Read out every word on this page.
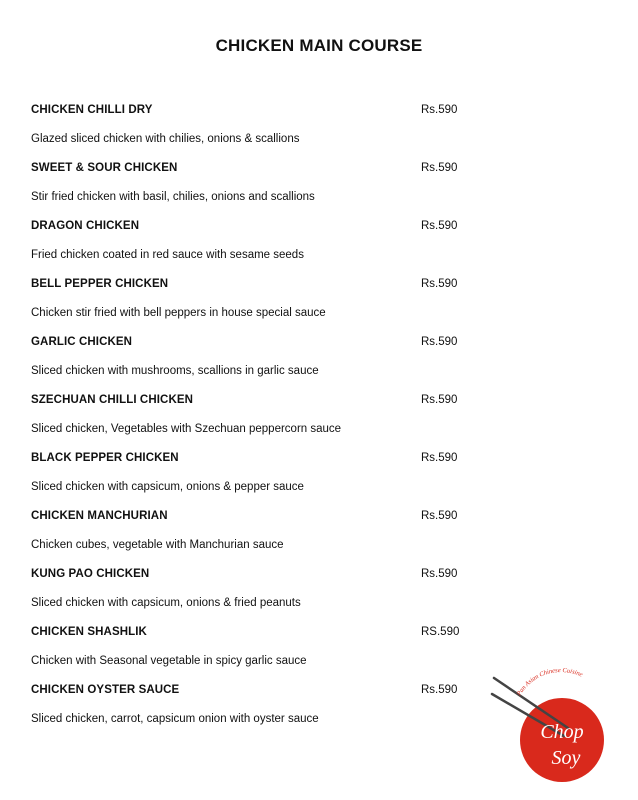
CHICKEN MAIN COURSE
CHICKEN CHILLI DRY	Rs.590
Glazed sliced chicken with chilies, onions & scallions
SWEET & SOUR CHICKEN	Rs.590
Stir fried chicken with basil, chilies, onions and scallions
DRAGON CHICKEN	Rs.590
Fried chicken coated in red sauce with sesame seeds
BELL PEPPER CHICKEN	Rs.590
Chicken stir fried with bell peppers in house special sauce
GARLIC CHICKEN	Rs.590
Sliced chicken with mushrooms, scallions in garlic sauce
SZECHUAN CHILLI CHICKEN	Rs.590
Sliced chicken, Vegetables with Szechuan peppercorn sauce
BLACK PEPPER CHICKEN	Rs.590
Sliced chicken with capsicum, onions & pepper sauce
CHICKEN MANCHURIAN	Rs.590
Chicken cubes, vegetable with Manchurian sauce
KUNG PAO CHICKEN	Rs.590
Sliced chicken with capsicum, onions & fried peanuts
CHICKEN SHASHLIK	RS.590
Chicken with Seasonal vegetable in spicy garlic sauce
CHICKEN OYSTER SAUCE	Rs.590
Sliced chicken, carrot, capsicum onion with oyster sauce
Chop
Soy
Pan Asian Chinese Cuisine
